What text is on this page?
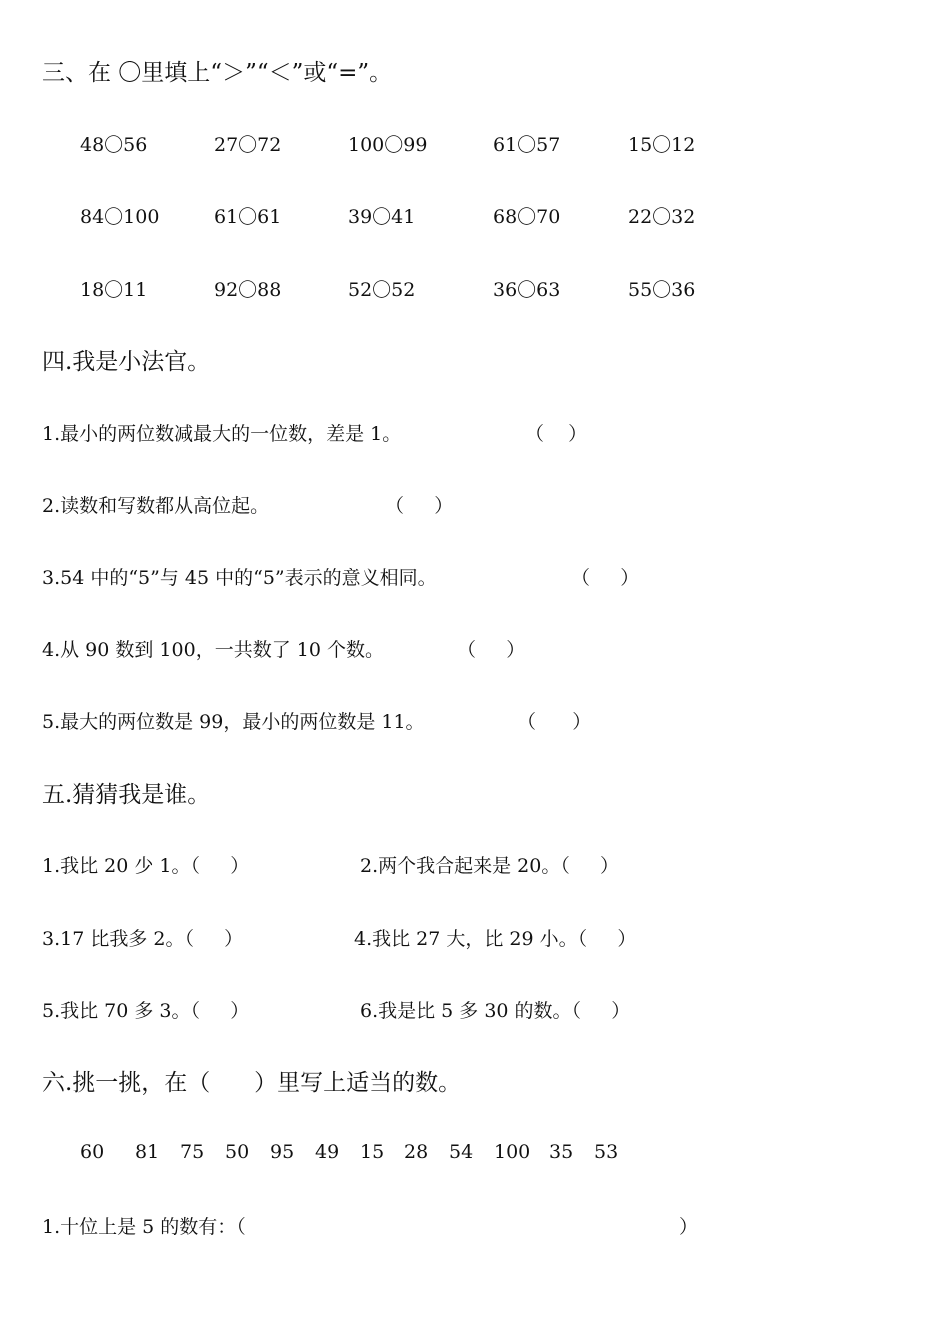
三、在 〇里填上“＞”“＜”或“=”。
48〇56	27〇72	100〇99	61〇57	15〇12
84〇100	61〇61	39〇41	68〇70	22〇32
18〇11	92〇88	52〇52	36〇63	55〇36
四.我是小法官。
1.最小的两位数减最大的一位数，差是 1。	（    ）
2.读数和写数都从高位起。	（     ）
3.54 中的“5”与 45 中的“5”表示的意义相同。	（     ）
4.从 90 数到 100，一共数了 10 个数。	（     ）
5.最大的两位数是 99，最小的两位数是 11。	（      ）
五.猜猜我是谁。
1.我比 20 少 1。（     ）	2.两个我合起来是 20。（     ）
3.17 比我多 2。（     ）	4.我比 27 大，比 29 小。（     ）
5.我比 70 多 3。（     ）	6.我是比 5 多 30 的数。（     ）
六.挑一挑，在（      ）里写上适当的数。
60 81 75 50 95 49 15 28 54 100 35 53
1.十位上是 5 的数有：（	）
